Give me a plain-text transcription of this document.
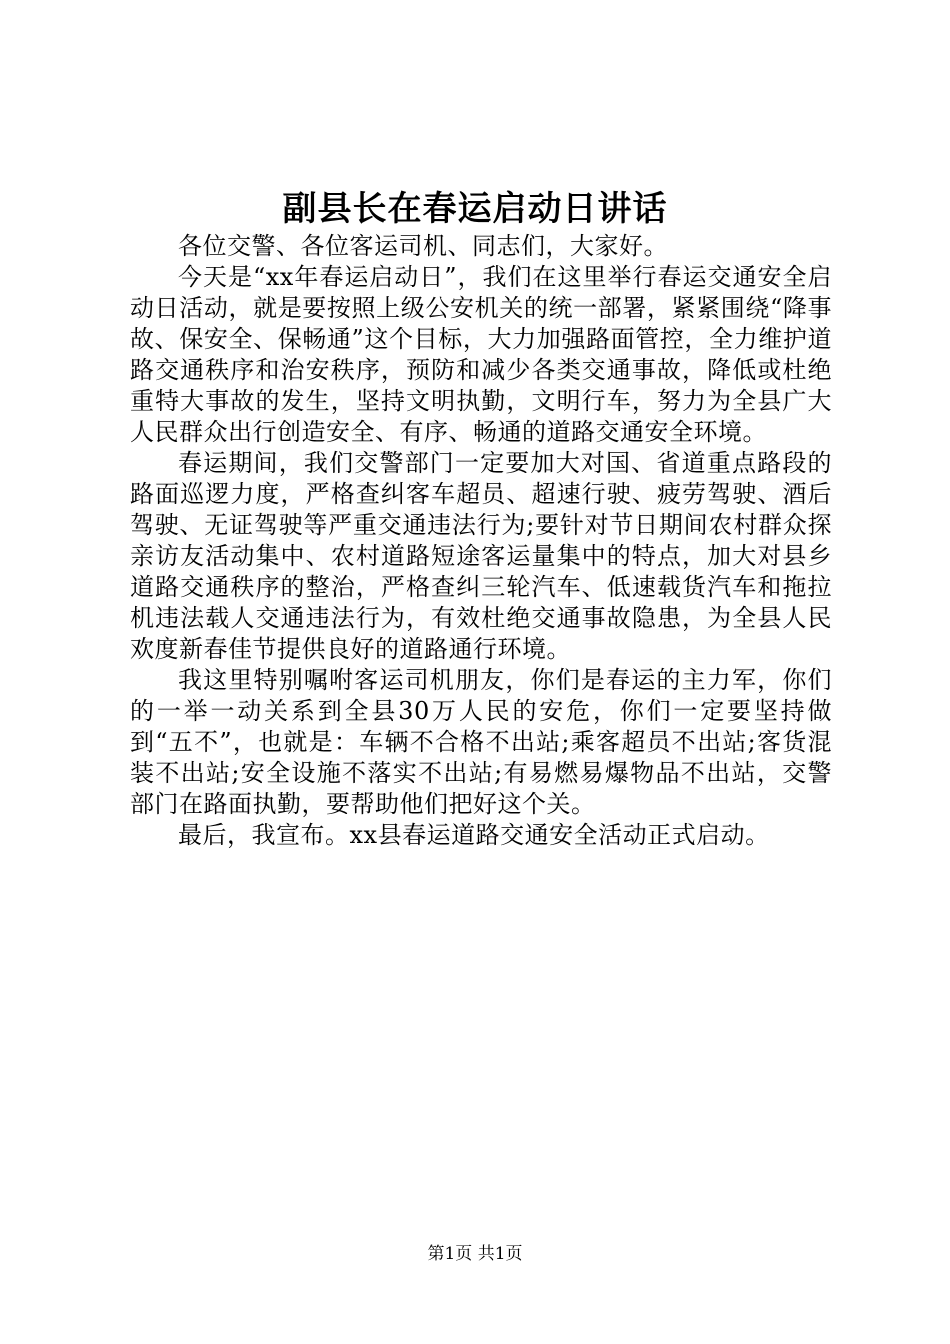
副县长在春运启动日讲话

各位交警、各位客运司机、同志们，大家好。

今天是“xx年春运启动日”，我们在这里举行春运交通安全启动日活动，就是要按照上级公安机关的统一部署，紧紧围绕“降事故、保安全、保畅通”这个目标，大力加强路面管控，全力维护道路交通秩序和治安秩序，预防和减少各类交通事故，降低或杜绝重特大事故的发生，坚持文明执勤，文明行车，努力为全县广大人民群众出行创造安全、有序、畅通的道路交通安全环境。

春运期间，我们交警部门一定要加大对国、省道重点路段的路面巡逻力度，严格查纠客车超员、超速行驶、疲劳驾驶、酒后驾驶、无证驾驶等严重交通违法行为;要针对节日期间农村群众探亲访友活动集中、农村道路短途客运量集中的特点，加大对县乡道路交通秩序的整治，严格查纠三轮汽车、低速载货汽车和拖拉机违法载人交通违法行为，有效杜绝交通事故隐患，为全县人民欢度新春佳节提供良好的道路通行环境。

我这里特别嘱咐客运司机朋友，你们是春运的主力军，你们的一举一动关系到全县30万人民的安危，你们一定要坚持做到“五不”，也就是：车辆不合格不出站;乘客超员不出站;客货混装不出站;安全设施不落实不出站;有易燃易爆物品不出站，交警部门在路面执勤，要帮助他们把好这个关。

最后，我宣布。xx县春运道路交通安全活动正式启动。

第1页 共1页
